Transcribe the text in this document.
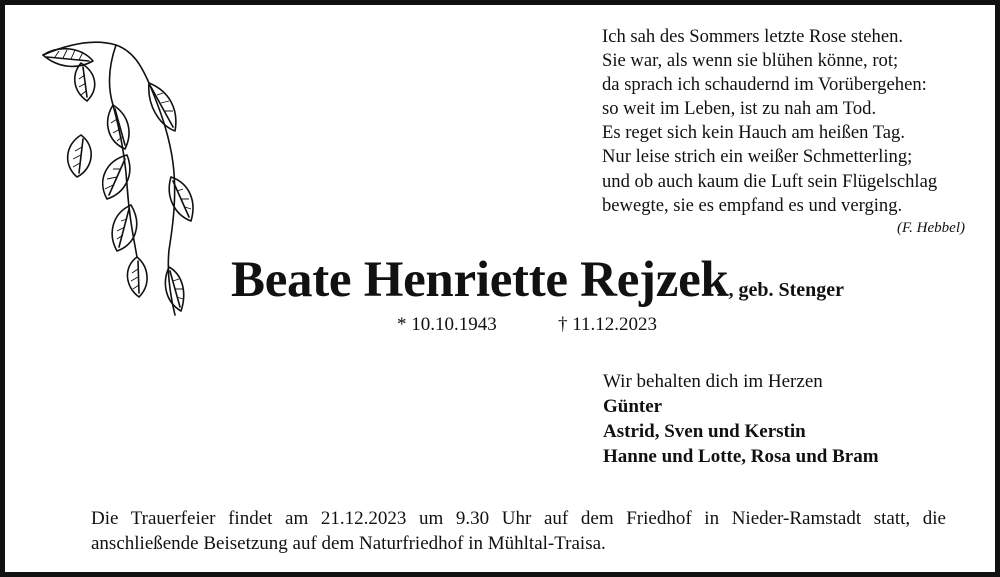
Ich sah des Sommers letzte Rose stehen.
Sie war, als wenn sie blühen könne, rot;
da sprach ich schaudernd im Vorübergehen:
so weit im Leben, ist zu nah am Tod.
Es reget sich kein Hauch am heißen Tag.
Nur leise strich ein weißer Schmetterling;
und ob auch kaum die Luft sein Flügelschlag
bewegte, sie es empfand es und verging.
(F. Hebbel)
Beate Henriette Rejzek, geb. Stenger
* 10.10.1943	† 11.12.2023
Wir behalten dich im Herzen
Günter
Astrid, Sven und Kerstin
Hanne und Lotte, Rosa und Bram
Die Trauerfeier findet am 21.12.2023 um 9.30 Uhr auf dem Friedhof in Nieder-Ramstadt statt, die anschließende Beisetzung auf dem Naturfriedhof in Mühltal-Traisa.
